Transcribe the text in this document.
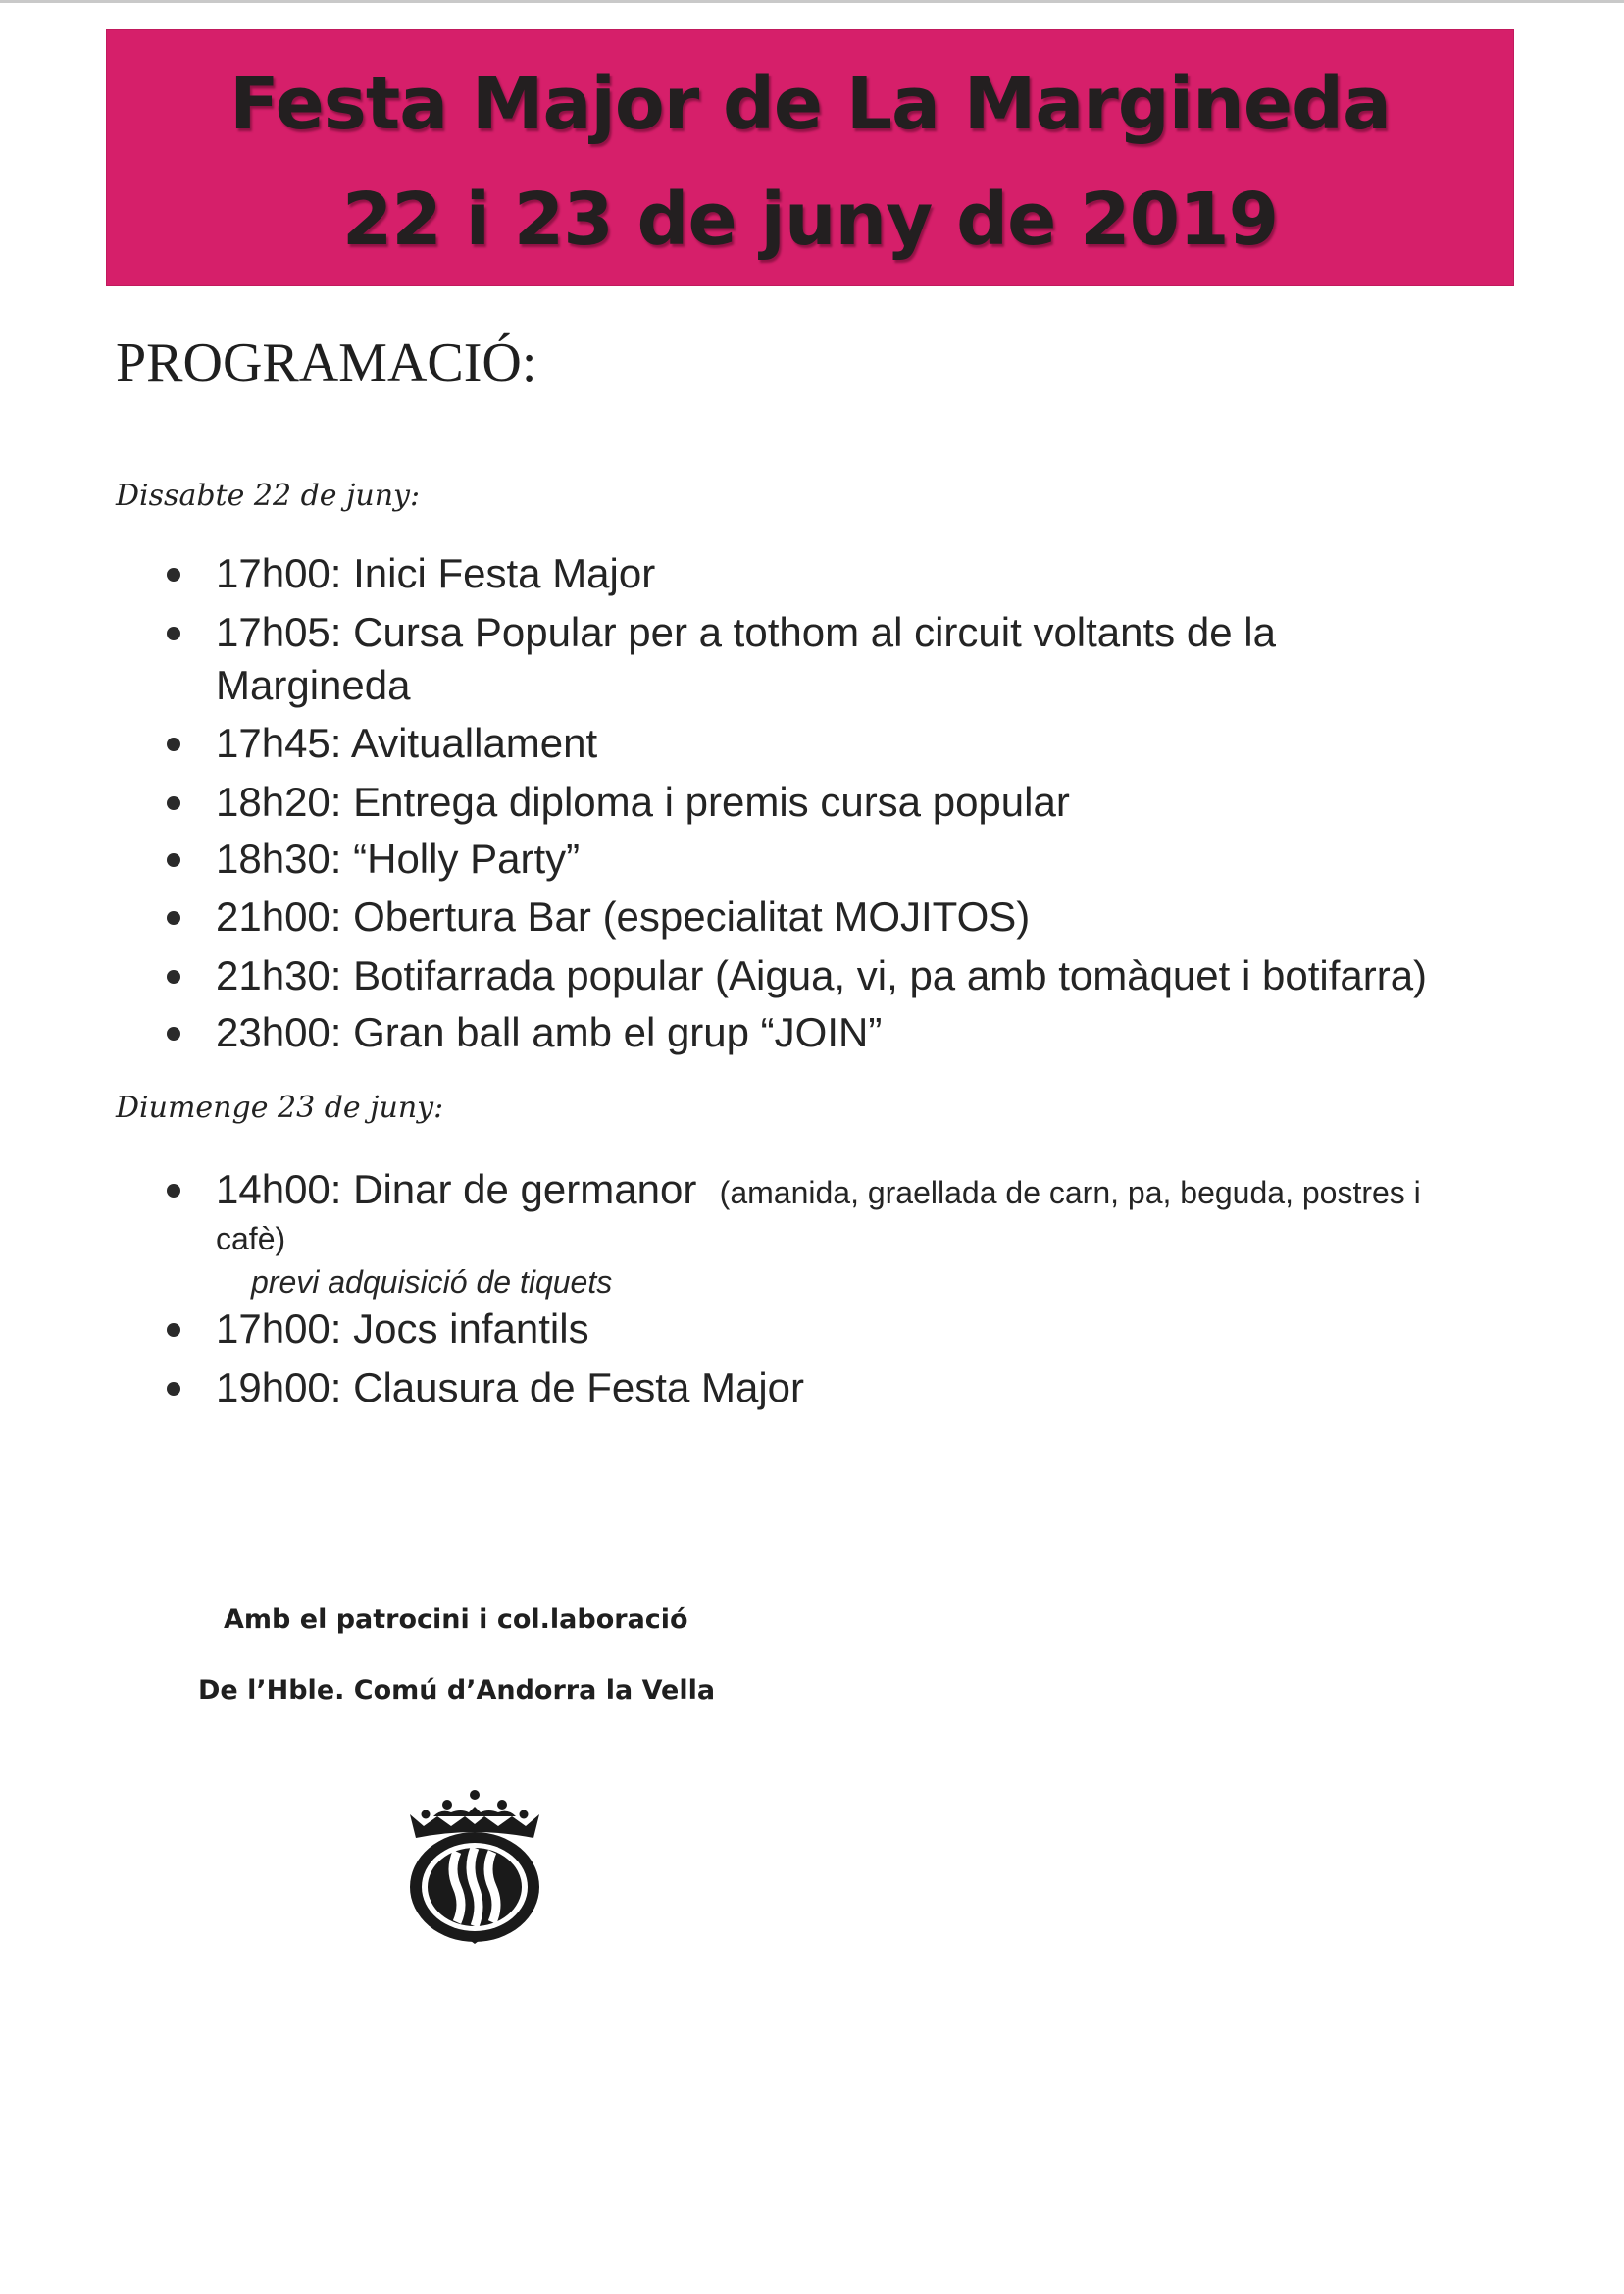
Festa Major de La Margineda
22 i 23 de juny de 2019
PROGRAMACIÓ:
Dissabte 22 de juny:
17h00: Inici Festa Major
17h05: Cursa Popular per a tothom al circuit voltants de la
Margineda
17h45: Avituallament
18h20: Entrega diploma i premis cursa popular
18h30: “Holly Party”
21h00: Obertura Bar (especialitat MOJITOS)
21h30: Botifarrada popular (Aigua, vi, pa amb tomàquet i botifarra)
23h00: Gran ball amb el grup “JOIN”
Diumenge 23 de juny:
14h00: Dinar de germanor (amanida, graellada de carn, pa, beguda, postres i
cafè)
previ adquisició de tiquets
17h00: Jocs infantils
19h00: Clausura de Festa Major
Amb el patrocini i col.laboració
De l’Hble. Comú d’Andorra la Vella
